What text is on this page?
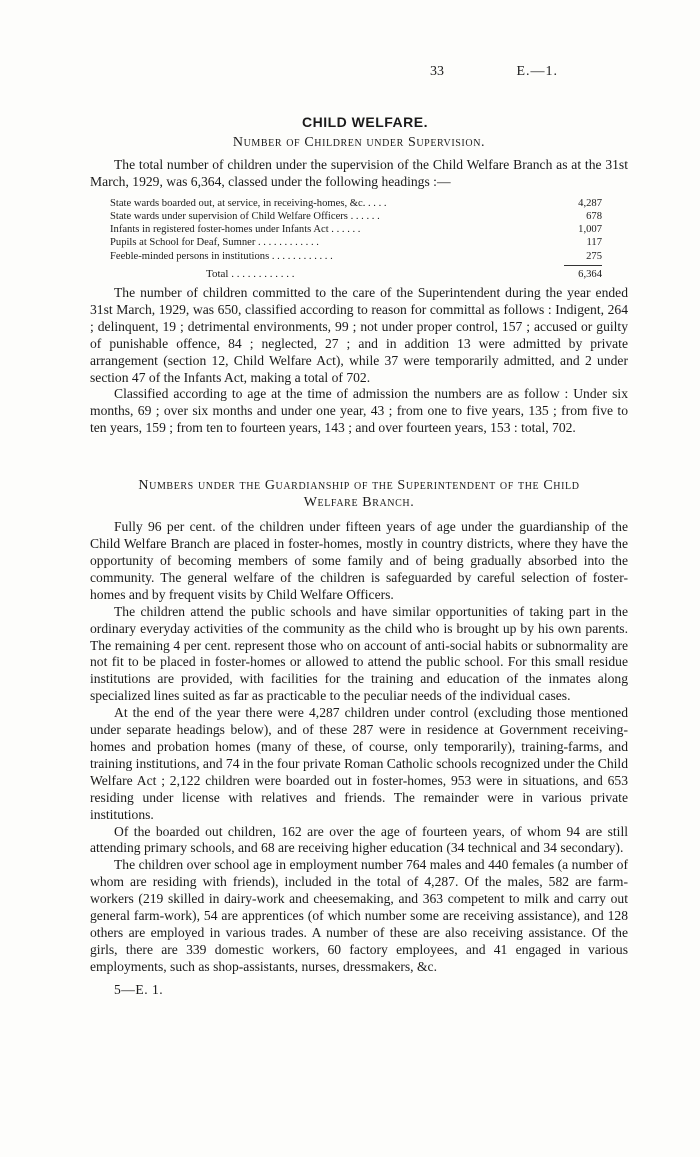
33	E.—1.
CHILD WELFARE.
Number of Children under Supervision.

The total number of children under the supervision of the Child Welfare Branch as at the 31st March, 1929, was 6,364, classed under the following headings :—

State wards boarded out, at service, in receiving-homes, &c. . . . .	4,287
State wards under supervision of Child Welfare Officers . . . . . .	678
Infants in registered foster-homes under Infants Act . . . . . .	1,007
Pupils at School for Deaf, Sumner . . . . . . . . . . . .	117
Feeble-minded persons in institutions . . . . . . . . . . . .	275
Total . . . . . . . . . . . .	6,364

The number of children committed to the care of the Superintendent during the year ended 31st March, 1929, was 650, classified according to reason for committal as follows : Indigent, 264 ; delinquent, 19 ; detrimental environments, 99 ; not under proper control, 157 ; accused or guilty of punishable offence, 84 ; neglected, 27 ; and in addition 13 were admitted by private arrangement (section 12, Child Welfare Act), while 37 were temporarily admitted, and 2 under section 47 of the Infants Act, making a total of 702.

Classified according to age at the time of admission the numbers are as follow : Under six months, 69 ; over six months and under one year, 43 ; from one to five years, 135 ; from five to ten years, 159 ; from ten to fourteen years, 143 ; and over fourteen years, 153 : total, 702.

Numbers under the Guardianship of the Superintendent of the Child
Welfare Branch.

Fully 96 per cent. of the children under fifteen years of age under the guardianship of the Child Welfare Branch are placed in foster-homes, mostly in country districts, where they have the opportunity of becoming members of some family and of being gradually absorbed into the community. The general welfare of the children is safeguarded by careful selection of foster-homes and by frequent visits by Child Welfare Officers.

The children attend the public schools and have similar opportunities of taking part in the ordinary everyday activities of the community as the child who is brought up by his own parents. The remaining 4 per cent. represent those who on account of anti-social habits or subnormality are not fit to be placed in foster-homes or allowed to attend the public school. For this small residue institutions are provided, with facilities for the training and education of the inmates along specialized lines suited as far as practicable to the peculiar needs of the individual cases.

At the end of the year there were 4,287 children under control (excluding those mentioned under separate headings below), and of these 287 were in residence at Government receiving-homes and probation homes (many of these, of course, only temporarily), training-farms, and training institutions, and 74 in the four private Roman Catholic schools recognized under the Child Welfare Act ; 2,122 children were boarded out in foster-homes, 953 were in situations, and 653 residing under license with relatives and friends. The remainder were in various private institutions.

Of the boarded out children, 162 are over the age of fourteen years, of whom 94 are still attending primary schools, and 68 are receiving higher education (34 technical and 34 secondary).

The children over school age in employment number 764 males and 440 females (a number of whom are residing with friends), included in the total of 4,287. Of the males, 582 are farm-workers (219 skilled in dairy-work and cheesemaking, and 363 competent to milk and carry out general farm-work), 54 are apprentices (of which number some are receiving assistance), and 128 others are employed in various trades. A number of these are also receiving assistance. Of the girls, there are 339 domestic workers, 60 factory employees, and 41 engaged in various employments, such as shop-assistants, nurses, dressmakers, &c.

5—E. 1.
